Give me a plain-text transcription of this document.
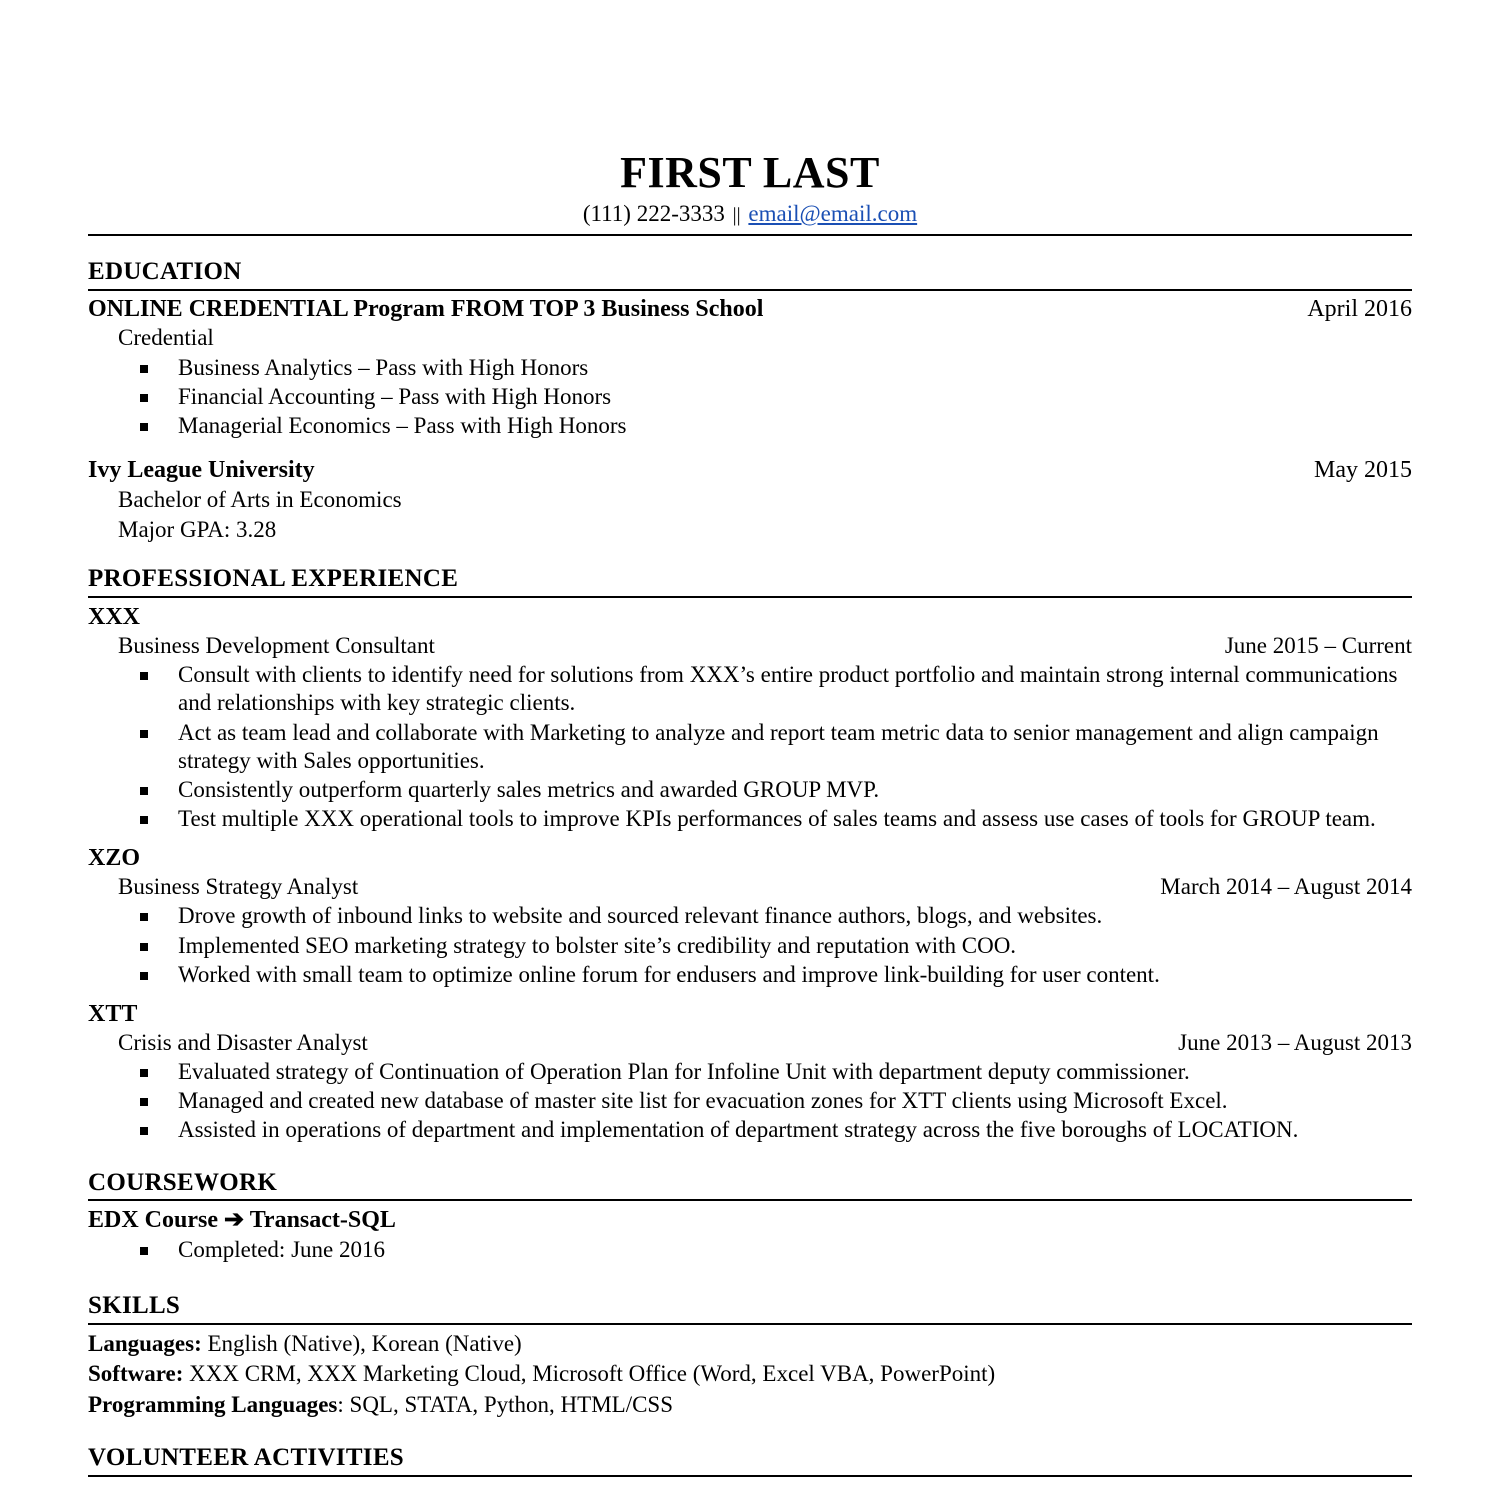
FIRST LAST
(111) 222-3333 || email@email.com
EDUCATION
ONLINE CREDENTIAL Program FROM TOP 3 Business School	April 2016
Credential
Business Analytics – Pass with High Honors
Financial Accounting – Pass with High Honors
Managerial Economics – Pass with High Honors
Ivy League University	May 2015
Bachelor of Arts in Economics
Major GPA: 3.28
PROFESSIONAL EXPERIENCE
XXX
Business Development Consultant	June 2015 – Current
Consult with clients to identify need for solutions from XXX’s entire product portfolio and maintain strong internal communications and relationships with key strategic clients.
Act as team lead and collaborate with Marketing to analyze and report team metric data to senior management and align campaign strategy with Sales opportunities.
Consistently outperform quarterly sales metrics and awarded GROUP MVP.
Test multiple XXX operational tools to improve KPIs performances of sales teams and assess use cases of tools for GROUP team.
XZO
Business Strategy Analyst	March 2014 – August 2014
Drove growth of inbound links to website and sourced relevant finance authors, blogs, and websites.
Implemented SEO marketing strategy to bolster site’s credibility and reputation with COO.
Worked with small team to optimize online forum for endusers and improve link-building for user content.
XTT
Crisis and Disaster Analyst	June 2013 – August 2013
Evaluated strategy of Continuation of Operation Plan for Infoline Unit with department deputy commissioner.
Managed and created new database of master site list for evacuation zones for XTT clients using Microsoft Excel.
Assisted in operations of department and implementation of department strategy across the five boroughs of LOCATION.
COURSEWORK
EDX Course ➔ Transact-SQL
Completed: June 2016
SKILLS
Languages: English (Native), Korean (Native)
Software: XXX CRM, XXX Marketing Cloud, Microsoft Office (Word, Excel VBA, PowerPoint)
Programming Languages: SQL, STATA, Python, HTML/CSS
VOLUNTEER ACTIVITIES
